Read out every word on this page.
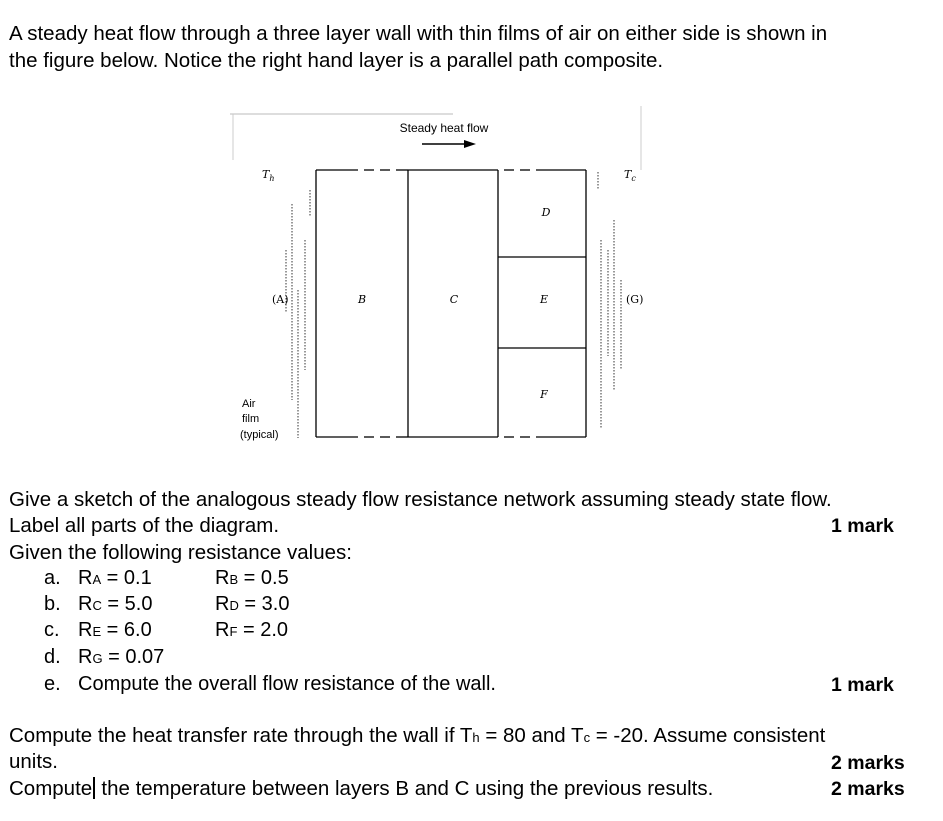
A steady heat flow through a three layer wall with thin films of air on either side is shown in
the figure below. Notice the right hand layer is a parallel path composite.
Steady heat flow
$T_h$	$T_c$
(A)	B	C
D
E
F
(G)
Air
film
(typical)
Give a sketch of the analogous steady flow resistance network assuming steady state flow.
Label all parts of the diagram.	1 mark
Given the following resistance values:
a. RA = 0.1	RB = 0.5
b. RC = 5.0	RD = 3.0
c. RE = 6.0	RF = 2.0
d. RG = 0.07
e. Compute the overall flow resistance of the wall.	1 mark
Compute the heat transfer rate through the wall if Th = 80 and Tc = -20. Assume consistent
units.	2 marks
Compute the temperature between layers B and C using the previous results.	2 marks
